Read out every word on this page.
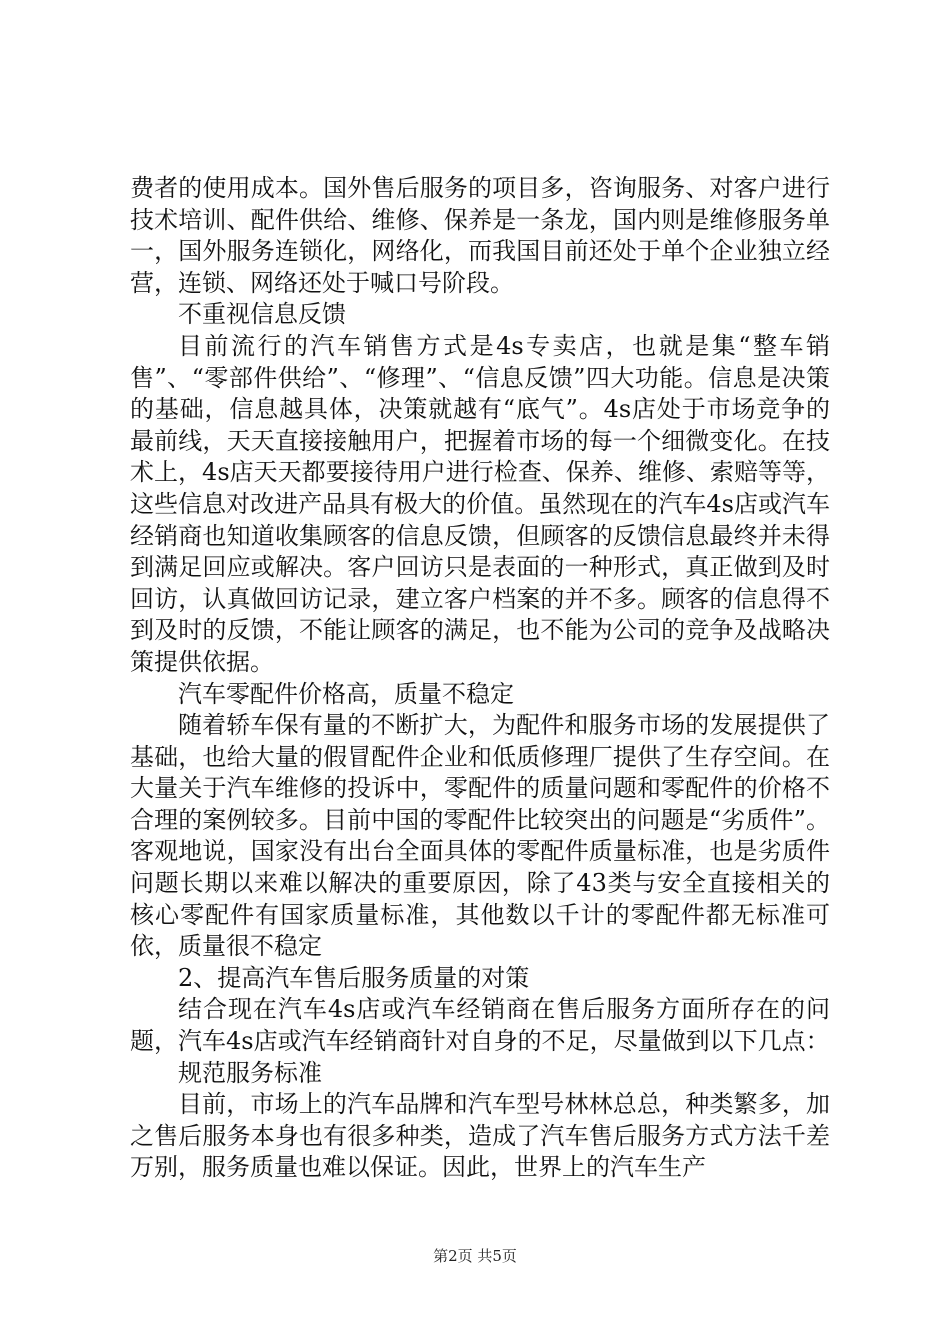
费者的使用成本。国外售后服务的项目多，咨询服务、对客户进行技术培训、配件供给、维修、保养是一条龙，国内则是维修服务单一，国外服务连锁化，网络化，而我国目前还处于单个企业独立经营，连锁、网络还处于喊口号阶段。

不重视信息反馈

目前流行的汽车销售方式是4s专卖店，也就是集“整车销售”、“零部件供给”、“修理”、“信息反馈”四大功能。信息是决策的基础，信息越具体，决策就越有“底气”。4s店处于市场竞争的最前线，天天直接接触用户，把握着市场的每一个细微变化。在技术上，4s店天天都要接待用户进行检查、保养、维修、索赔等等，这些信息对改进产品具有极大的价值。虽然现在的汽车4s店或汽车经销商也知道收集顾客的信息反馈，但顾客的反馈信息最终并未得到满足回应或解决。客户回访只是表面的一种形式，真正做到及时回访，认真做回访记录，建立客户档案的并不多。顾客的信息得不到及时的反馈，不能让顾客的满足，也不能为公司的竞争及战略决策提供依据。

汽车零配件价格高，质量不稳定

随着轿车保有量的不断扩大，为配件和服务市场的发展提供了基础，也给大量的假冒配件企业和低质修理厂提供了生存空间。在大量关于汽车维修的投诉中，零配件的质量问题和零配件的价格不合理的案例较多。目前中国的零配件比较突出的问题是“劣质件”。客观地说，国家没有出台全面具体的零配件质量标准，也是劣质件问题长期以来难以解决的重要原因，除了43类与安全直接相关的核心零配件有国家质量标准，其他数以千计的零配件都无标准可依，质量很不稳定

2、提高汽车售后服务质量的对策

结合现在汽车4s店或汽车经销商在售后服务方面所存在的问题，汽车4s店或汽车经销商针对自身的不足，尽量做到以下几点：

规范服务标准

目前，市场上的汽车品牌和汽车型号林林总总，种类繁多，加之售后服务本身也有很多种类，造成了汽车售后服务方式方法千差万别，服务质量也难以保证。因此，世界上的汽车生产

第2页 共5页
